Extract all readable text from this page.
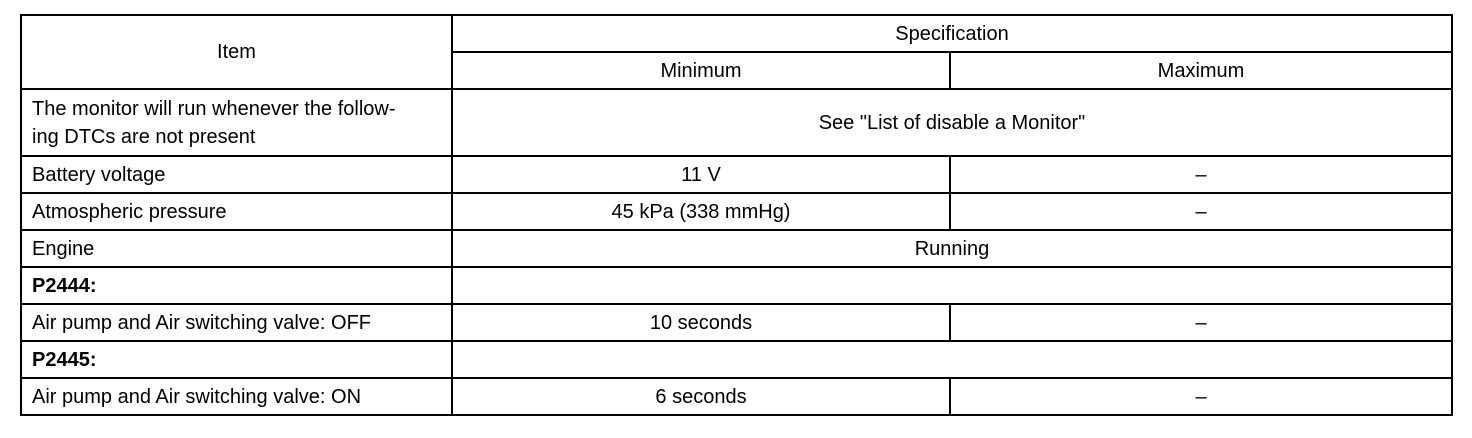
Item	Specification	
	Minimum	Maximum
The monitor will run whenever the follow-
ing DTCs are not present	See "List of disable a Monitor"	
Battery voltage	11 V	–
Atmospheric pressure	45 kPa (338 mmHg)	–
Engine	Running	
P2444:		
Air pump and Air switching valve: OFF	10 seconds	–
P2445:		
Air pump and Air switching valve: ON	6 seconds	–
